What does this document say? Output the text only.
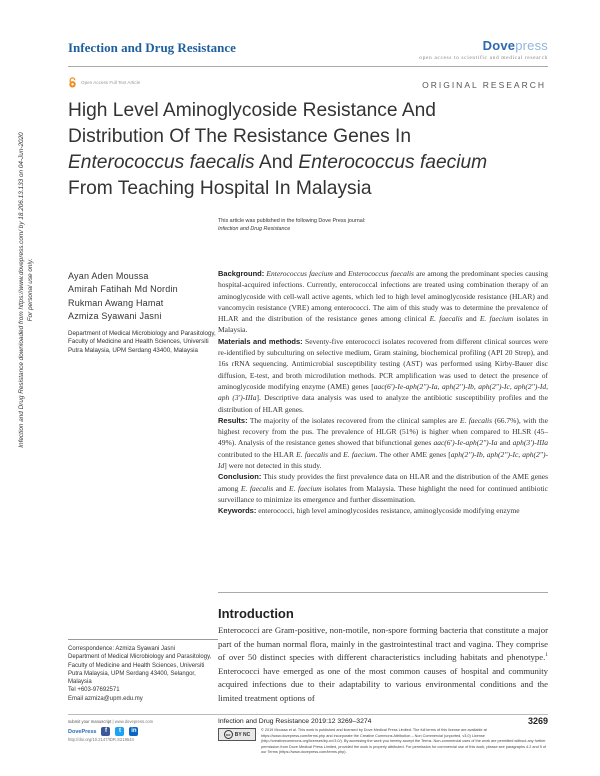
Infection and Drug Resistance	Dovepress
open access to scientific and medical research
Open Access Full Text Article	ORIGINAL RESEARCH
High Level Aminoglycoside Resistance And
Distribution Of The Resistance Genes In
Enterococcus faecalis And Enterococcus faecium
From Teaching Hospital In Malaysia
This article was published in the following Dove Press journal:
Infection and Drug Resistance
Ayan Aden Moussa
Amirah Fatihah Md Nordin
Rukman Awang Hamat
Azmiza Syawani Jasni
Department of Medical Microbiology and Parasitology, Faculty of Medicine and Health Sciences, Universiti Putra Malaysia, UPM Serdang 43400, Malaysia

Background: Enterococcus faecium and Enterococcus faecalis are among the predominant species causing hospital-acquired infections. Currently, enterococcal infections are treated using combination therapy of an aminoglycoside with cell-wall active agents, which led to high level aminoglycoside resistance (HLAR) and vancomycin resistance (VRE) among enterococci. The aim of this study was to determine the prevalence of HLAR and the distribution of the resistance genes among clinical E. faecalis and E. faecium isolates in Malaysia.

Materials and methods: Seventy-five enterococci isolates recovered from different clinical sources were re-identified by subculturing on selective medium, Gram staining, biochemical profiling (API 20 Strep), and 16s rRNA sequencing. Antimicrobial susceptibility testing (AST) was performed using Kirby-Bauer disc diffusion, E-test, and broth microdilution methods. PCR amplification was used to detect the presence of aminoglycoside modifying enzyme (AME) genes [aac(6')-Ie-aph(2'')-Ia, aph(2'')-Ib, aph(2'')-Ic, aph(2'')-Id, aph (3')-IIIa]. Descriptive data analysis was used to analyze the antibiotic susceptibility profiles and the distribution of HLAR genes.

Results: The majority of the isolates recovered from the clinical samples are E. faecalis (66.7%), with the highest recovery from the pus. The prevalence of HLGR (51%) is higher when compared to HLSR (45–49%). Analysis of the resistance genes showed that bifunctional genes aac(6')-Ie-aph(2'')-Ia and aph(3')-IIIa contributed to the HLAR E. faecalis and E. faecium. The other AME genes [aph(2'')-Ib, aph(2'')-Ic, aph(2'')-Id] were not detected in this study.

Conclusion: This study provides the first prevalence data on HLAR and the distribution of the AME genes among E. faecalis and E. faecium isolates from Malaysia. These highlight the need for continued antibiotic surveillance to minimize its emergence and further dissemination.

Keywords: enterococci, high level aminoglycosides resistance, aminoglycoside modifying enzyme

Introduction

Enterococci are Gram-positive, non-motile, non-spore forming bacteria that constitute a major part of the human normal flora, mainly in the gastrointestinal tract and vagina. They comprise of over 50 distinct species with different characteristics including habitats and phenotype.$^1$ Enterococci have emerged as one of the most common causes of hospital and community acquired infections due to their adaptability to various environmental conditions and the limited treatment options of

Correspondence: Azmiza Syawani Jasni
Department of Medical Microbiology and Parasitology, Faculty of Medicine and Health Sciences, Universiti Putra Malaysia, UPM Serdang 43400, Selangor, Malaysia
Tel +603-97692571
Email azmiza@upm.edu.my
Infection and Drug Resistance downloaded from https://www.dovepress.com/ by 18.206.13.133 on 04-Jun-2020 For personal use only.
submit your manuscript | www.dovepress.com
DovePress	f	t	in
http://doi.org/10.2147/IDR.S219544
Infection and Drug Resistance 2019:12 3269–3274	3269
cc BY NC
© 2019 Moussa et al. This work is published and licensed by Dove Medical Press Limited. The full terms of this license are available at https://www.dovepress.com/terms.php and incorporate the Creative Commons Attribution – Non Commercial (unported, v3.0) License (http://creativecommons.org/licenses/by-nc/3.0/). By accessing the work you hereby accept the Terms. Non-commercial uses of the work are permitted without any further permission from Dove Medical Press Limited, provided the work is properly attributed. For permission for commercial use of this work, please see paragraphs 4.2 and 5 of our Terms (https://www.dovepress.com/terms.php).
